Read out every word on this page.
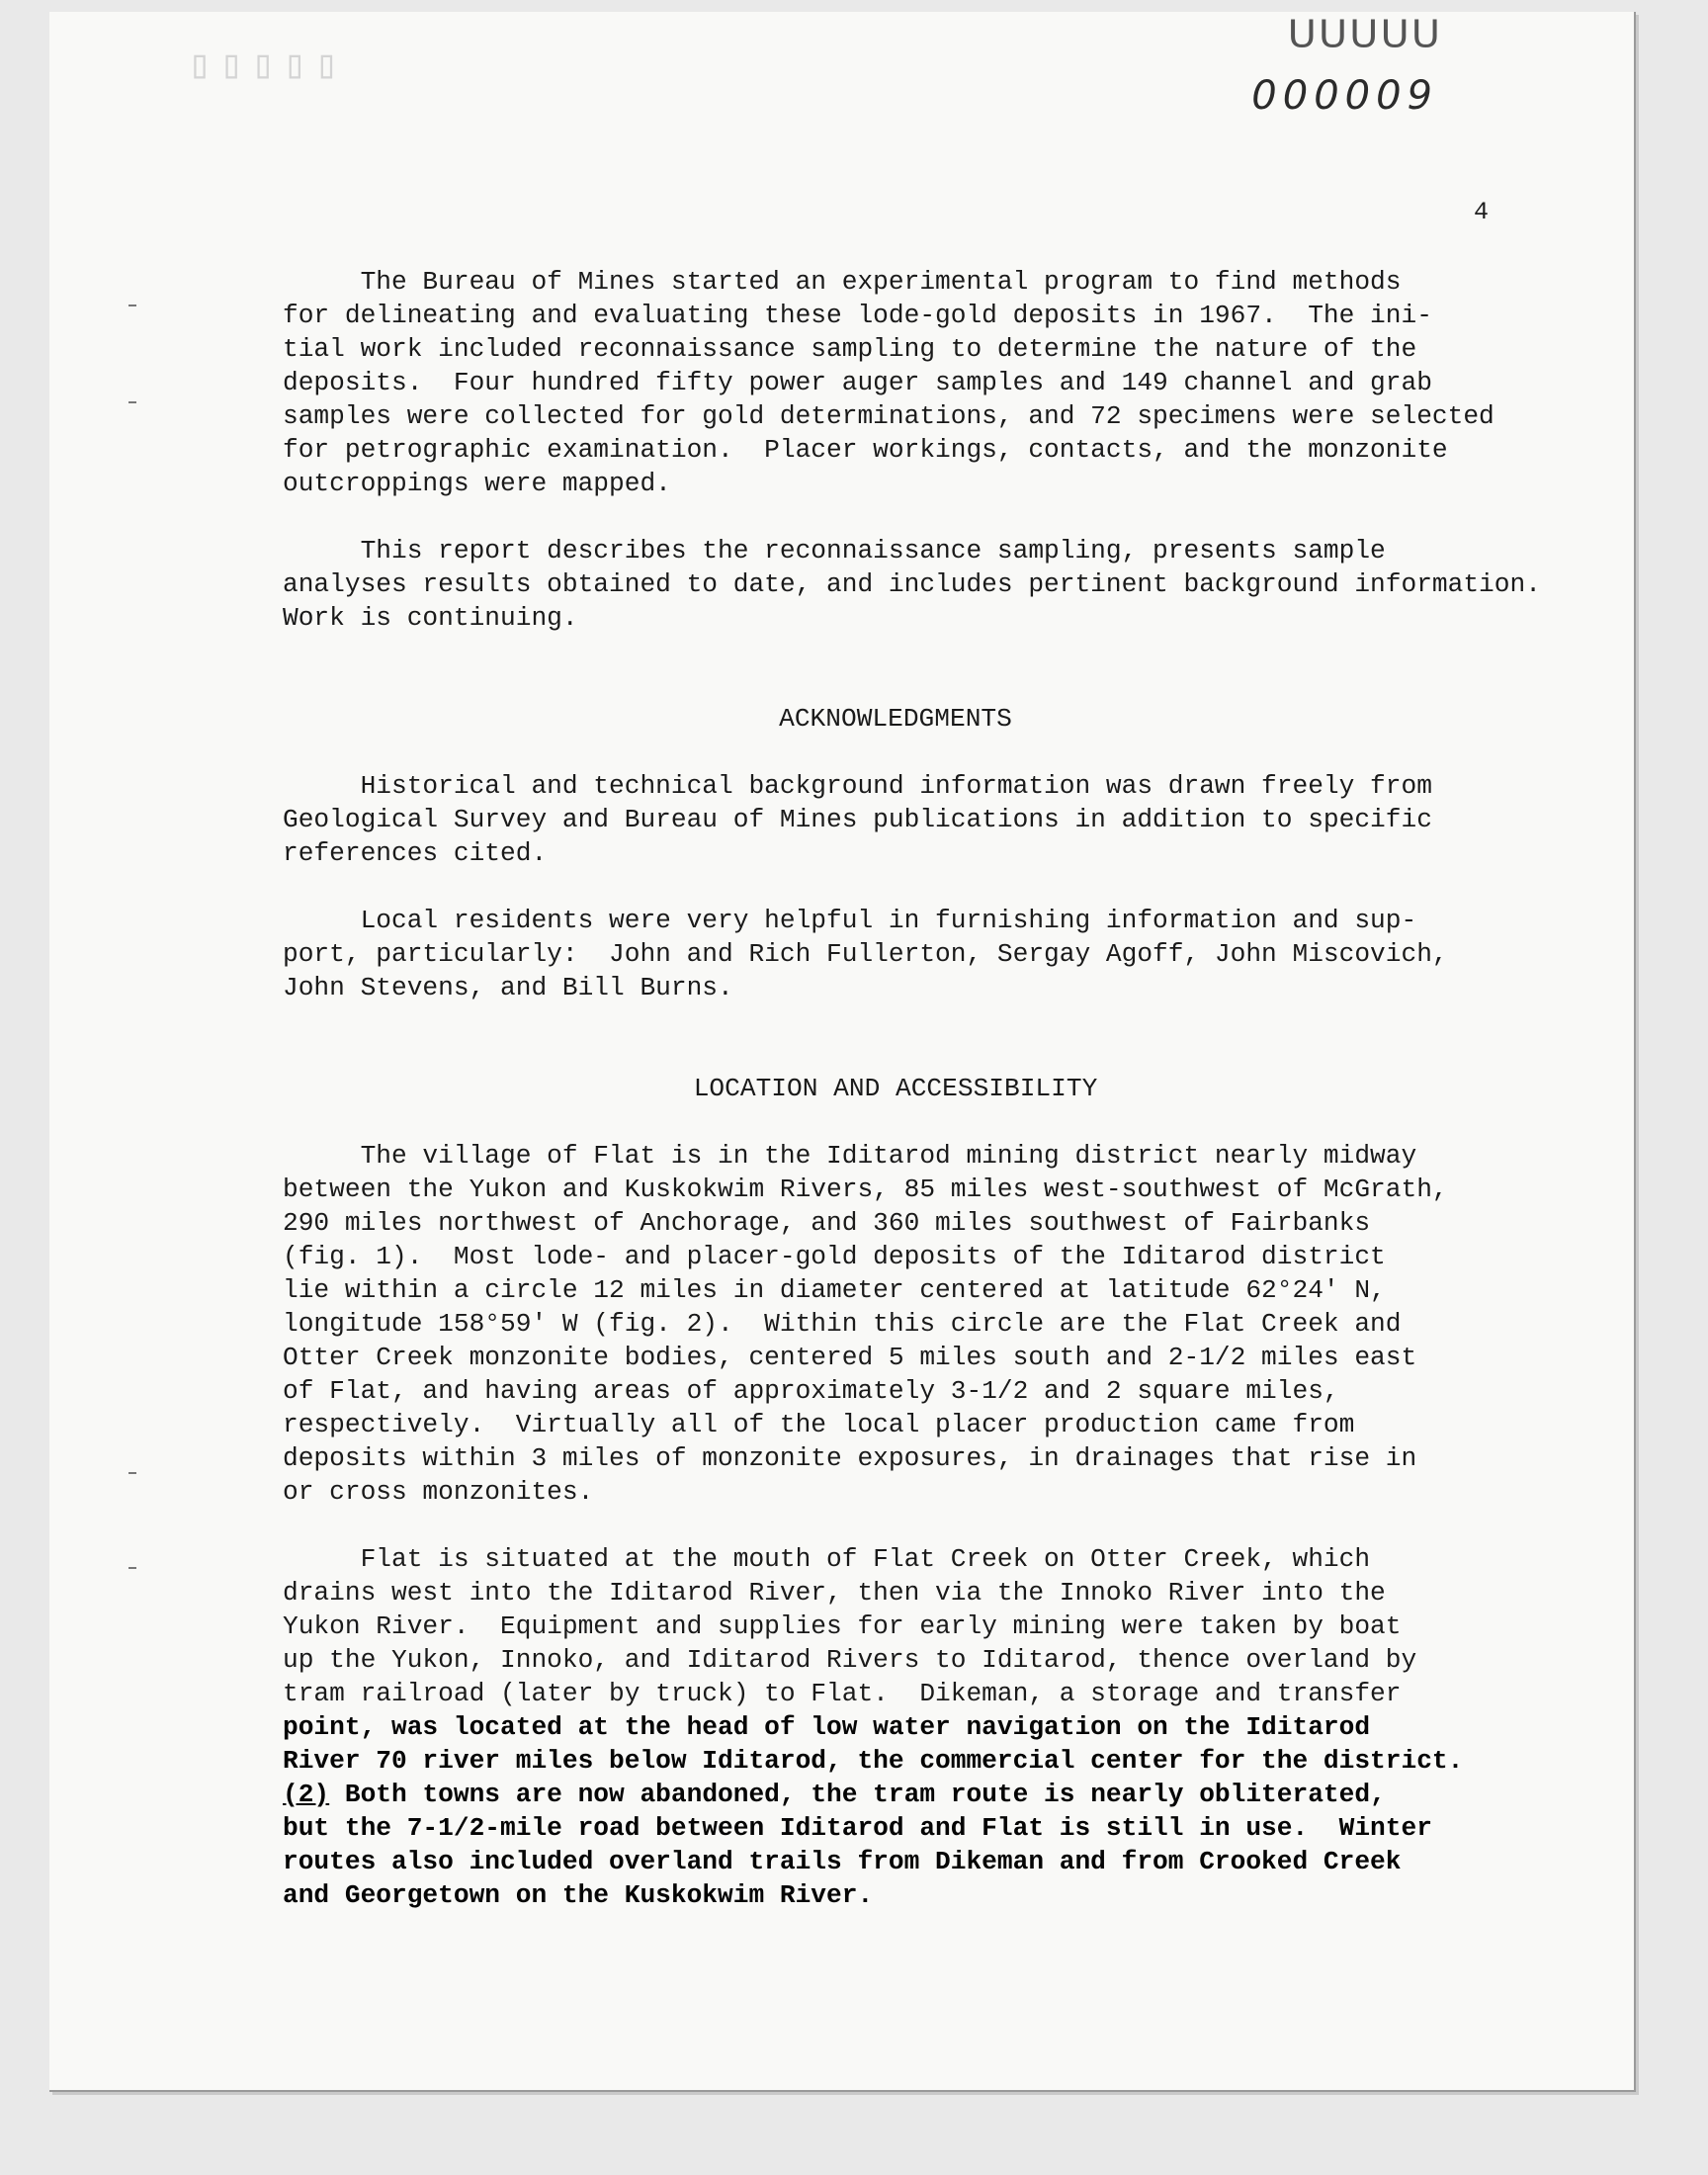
▯▯▯▯▯
UUUUU
000009
4
The Bureau of Mines started an experimental program to find methods
for delineating and evaluating these lode-gold deposits in 1967.  The ini-
tial work included reconnaissance sampling to determine the nature of the
deposits.  Four hundred fifty power auger samples and 149 channel and grab
samples were collected for gold determinations, and 72 specimens were selected
for petrographic examination.  Placer workings, contacts, and the monzonite
outcroppings were mapped.
This report describes the reconnaissance sampling, presents sample
analyses results obtained to date, and includes pertinent background information.
Work is continuing.
ACKNOWLEDGMENTS
Historical and technical background information was drawn freely from
Geological Survey and Bureau of Mines publications in addition to specific
references cited.
Local residents were very helpful in furnishing information and sup-
port, particularly:  John and Rich Fullerton, Sergay Agoff, John Miscovich,
John Stevens, and Bill Burns.
LOCATION AND ACCESSIBILITY
The village of Flat is in the Iditarod mining district nearly midway
between the Yukon and Kuskokwim Rivers, 85 miles west-southwest of McGrath,
290 miles northwest of Anchorage, and 360 miles southwest of Fairbanks
(fig. 1).  Most lode- and placer-gold deposits of the Iditarod district
lie within a circle 12 miles in diameter centered at latitude 62°24' N,
longitude 158°59' W (fig. 2).  Within this circle are the Flat Creek and
Otter Creek monzonite bodies, centered 5 miles south and 2-1/2 miles east
of Flat, and having areas of approximately 3-1/2 and 2 square miles,
respectively.  Virtually all of the local placer production came from
deposits within 3 miles of monzonite exposures, in drainages that rise in
or cross monzonites.
Flat is situated at the mouth of Flat Creek on Otter Creek, which
drains west into the Iditarod River, then via the Innoko River into the
Yukon River.  Equipment and supplies for early mining were taken by boat
up the Yukon, Innoko, and Iditarod Rivers to Iditarod, thence overland by
tram railroad (later by truck) to Flat.  Dikeman, a storage and transfer
point, was located at the head of low water navigation on the Iditarod
River 70 river miles below Iditarod, the commercial center for the district.
(2) Both towns are now abandoned, the tram route is nearly obliterated,
but the 7-1/2-mile road between Iditarod and Flat is still in use.  Winter
routes also included overland trails from Dikeman and from Crooked Creek
and Georgetown on the Kuskokwim River.
